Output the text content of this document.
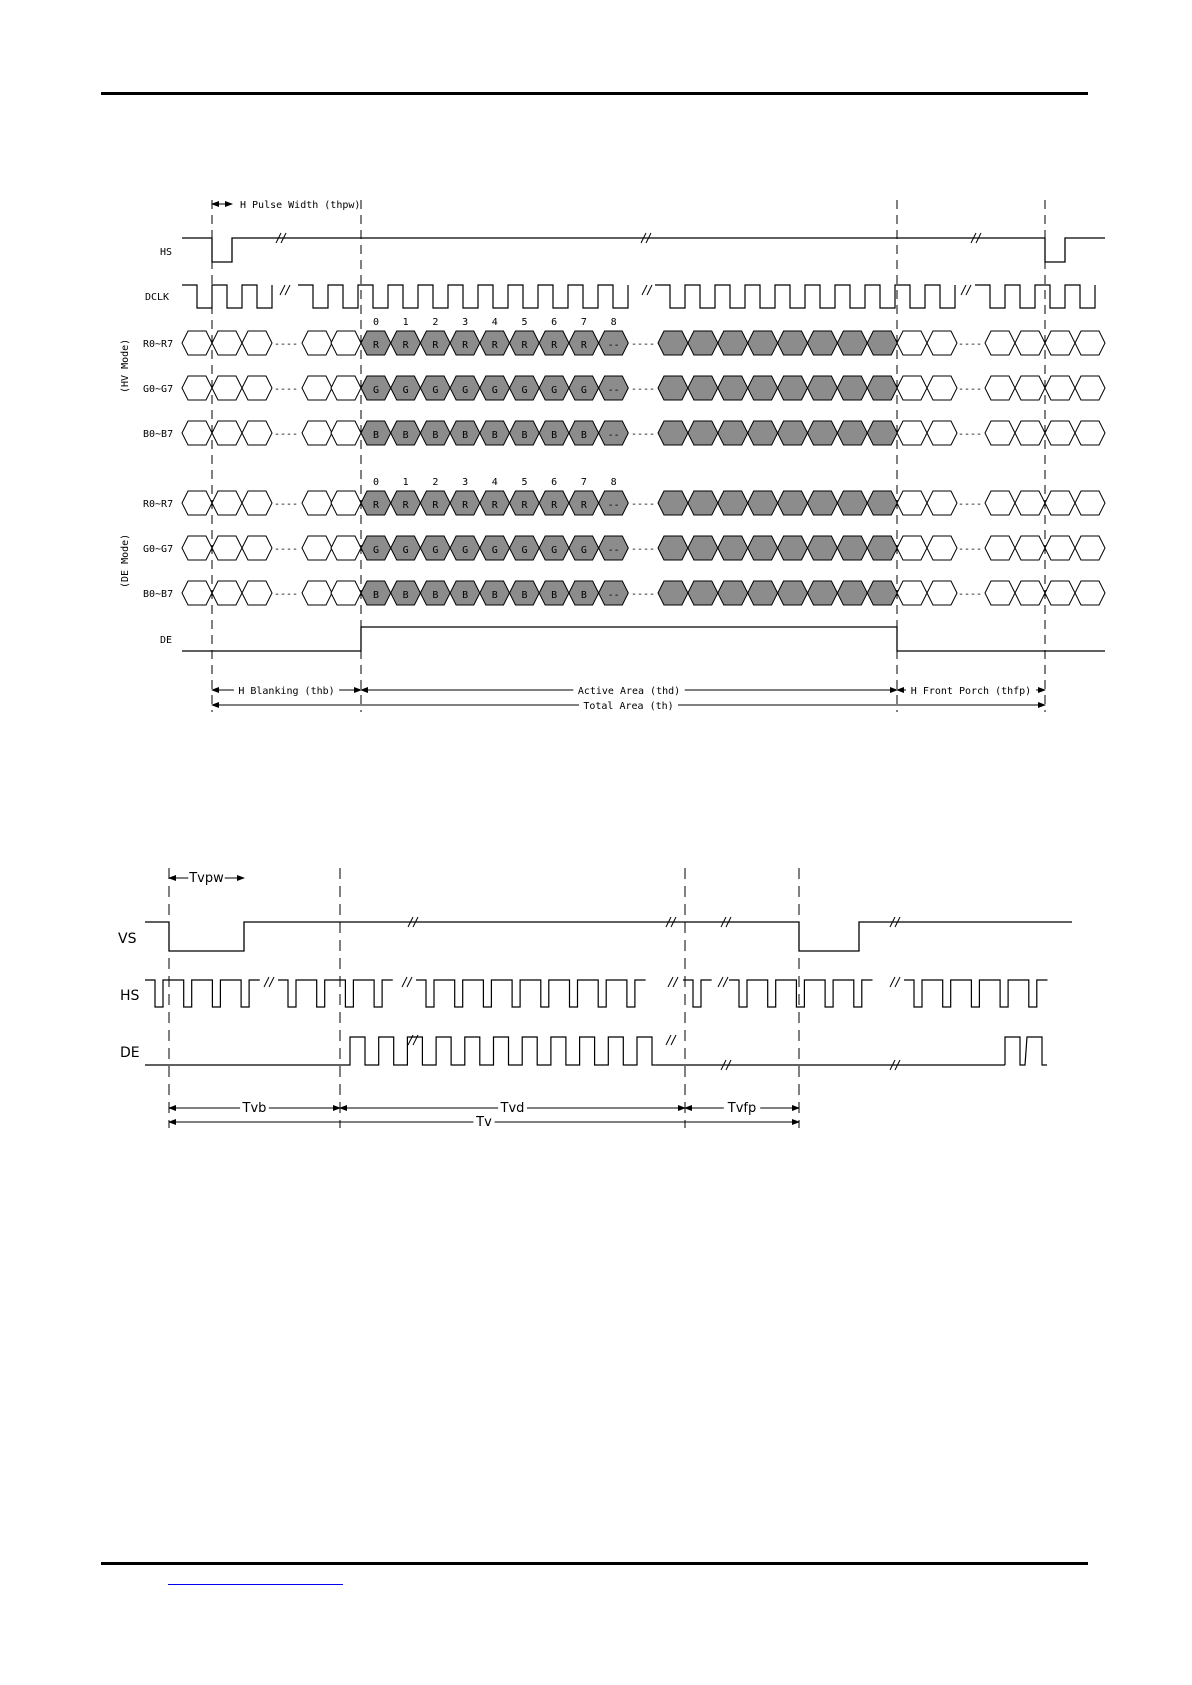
HS
DCLK
(HV Mode)
(DE Mode)
R0~R7	----	R
0
R
1
R
2
R
3
R
4
R
5
R
6
R
7
--
8
----	----
G0~G7	----	G G G G G G G G -- ----	----
B0~B7	----	B B B B B B B B -- ----	----
R0~R7	----	R
0
R
1
R
2
R
3
R
4
R
5
R
6
R
7
--
8
----	----
G0~G7	----	G G G G G G G G -- ----	----
B0~B7	----	B B B B B B B B -- ----	----
DE
H Pulse Width (thpw)
H Blanking (thb)	Active Area (thd)	H Front Porch (thfp)
Total Area (th)
VS
HS
DE
Tvpw
Tvb	Tvd	Tvfp
Tv
